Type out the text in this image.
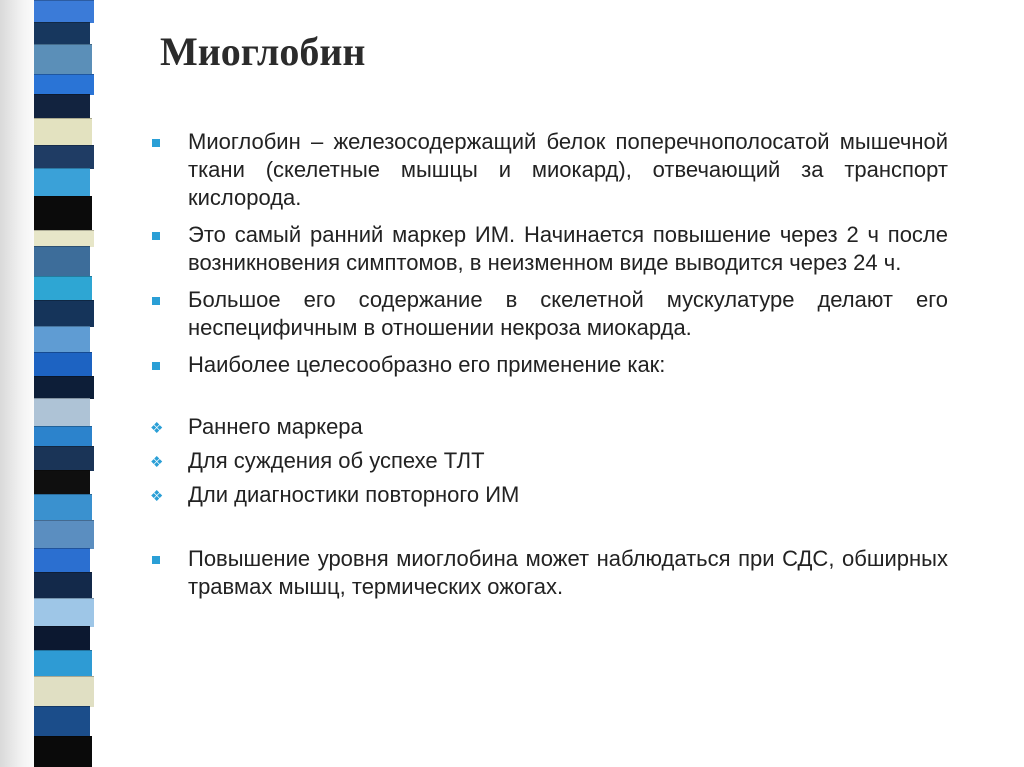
Миоглобин
Миоглобин – железосодержащий белок поперечнополосатой мышечной ткани (скелетные мышцы и миокард), отвечающий за транспорт кислорода.
Это самый ранний маркер ИМ. Начинается повышение через 2 ч после возникновения симптомов, в неизменном виде выводится через 24 ч.
Большое его содержание в скелетной мускулатуре делают его неспецифичным в отношении некроза миокарда.
Наиболее целесообразно его применение как:
❖ Раннего маркера
❖ Для суждения об успехе ТЛТ
❖ Дли диагностики повторного ИМ
Повышение уровня миоглобина может наблюдаться при СДС, обширных травмах мышц, термических ожогах.
